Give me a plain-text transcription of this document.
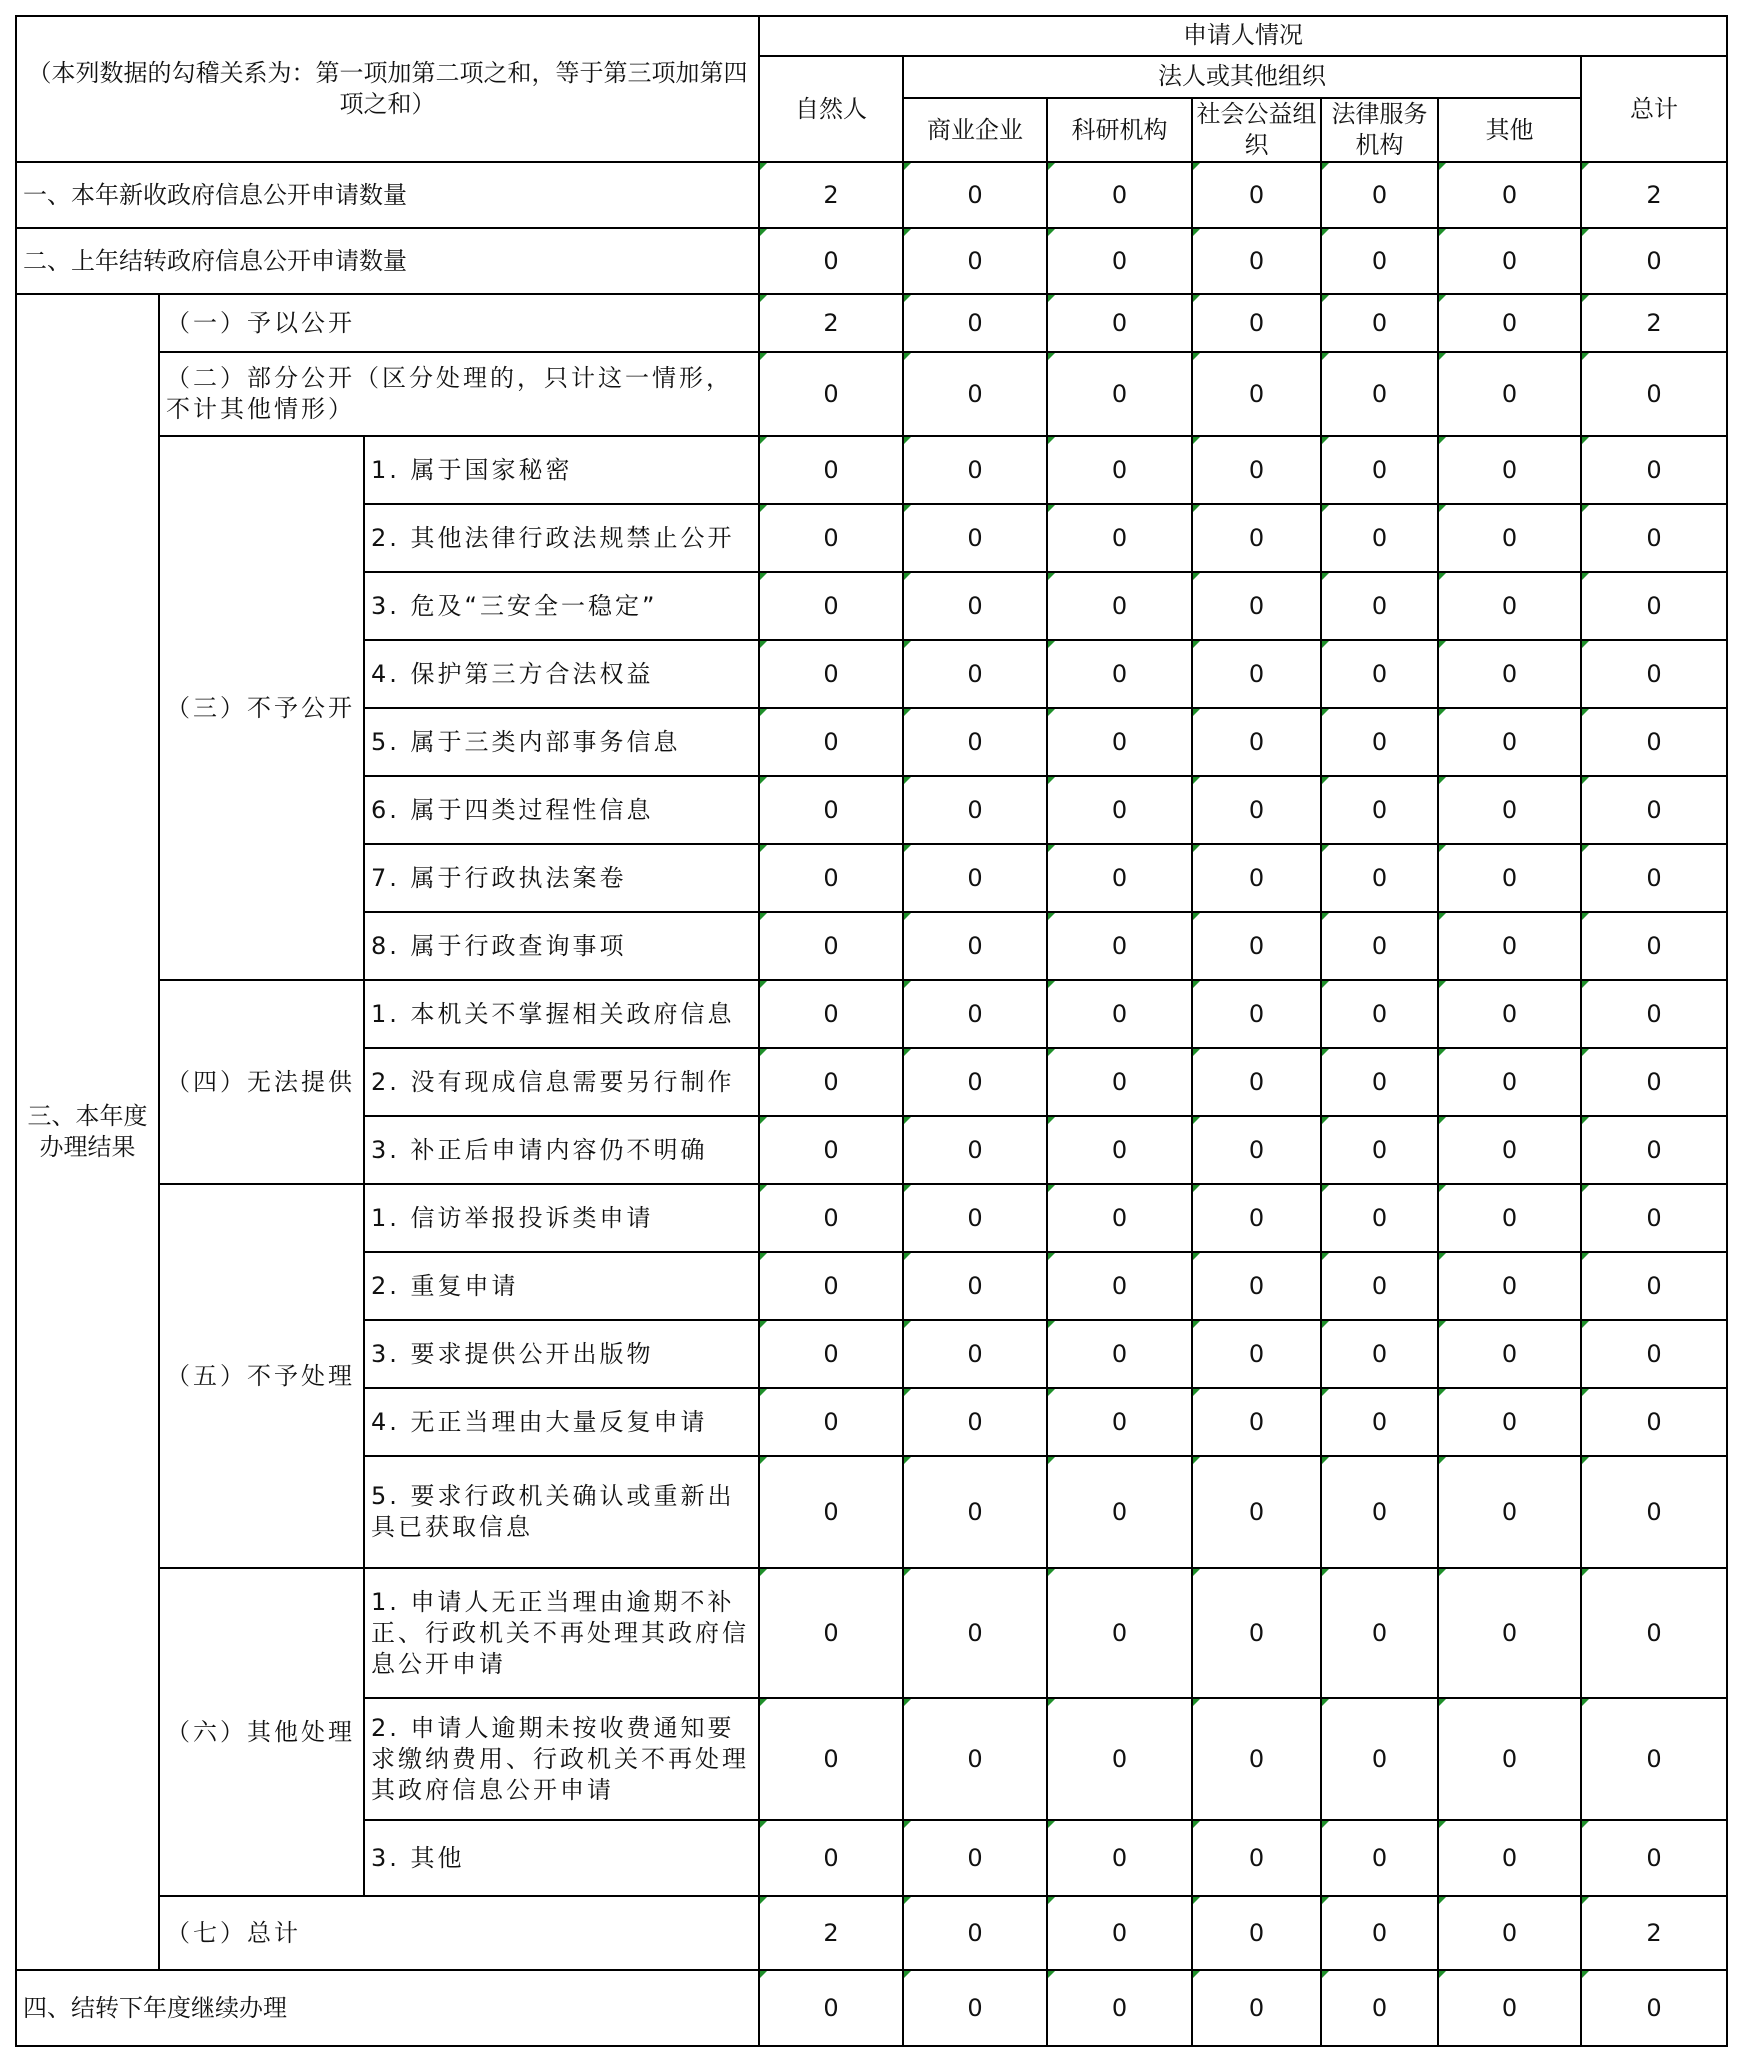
（本列数据的勾稽关系为：第一项加第二项之和，等于第三项加第四项之和）			申请人情况						
			自然人	法人或其他组织					总计
				商业企业	科研机构	社会公益组织	法律服务机构	其他	
一、本年新收政府信息公开申请数量			2	0	0	0	0	0	2
二、上年结转政府信息公开申请数量			0	0	0	0	0	0	0
三、本年度办理结果	（一）予以公开		2	0	0	0	0	0	2
	（二）部分公开（区分处理的，只计这一情形，不计其他情形）		0	0	0	0	0	0	0
	（三）不予公开	1. 属于国家秘密	0	0	0	0	0	0	0
		2. 其他法律行政法规禁止公开	0	0	0	0	0	0	0
		3. 危及“三安全一稳定”	0	0	0	0	0	0	0
		4. 保护第三方合法权益	0	0	0	0	0	0	0
		5. 属于三类内部事务信息	0	0	0	0	0	0	0
		6. 属于四类过程性信息	0	0	0	0	0	0	0
		7. 属于行政执法案卷	0	0	0	0	0	0	0
		8. 属于行政查询事项	0	0	0	0	0	0	0
	（四）无法提供	1. 本机关不掌握相关政府信息	0	0	0	0	0	0	0
		2. 没有现成信息需要另行制作	0	0	0	0	0	0	0
		3. 补正后申请内容仍不明确	0	0	0	0	0	0	0
	（五）不予处理	1. 信访举报投诉类申请	0	0	0	0	0	0	0
		2. 重复申请	0	0	0	0	0	0	0
		3. 要求提供公开出版物	0	0	0	0	0	0	0
		4. 无正当理由大量反复申请	0	0	0	0	0	0	0
		5. 要求行政机关确认或重新出具已获取信息	0	0	0	0	0	0	0
	（六）其他处理	1. 申请人无正当理由逾期不补正、行政机关不再处理其政府信息公开申请	0	0	0	0	0	0	0
		2. 申请人逾期未按收费通知要求缴纳费用、行政机关不再处理其政府信息公开申请	0	0	0	0	0	0	0
		3. 其他	0	0	0	0	0	0	0
	（七）总计		2	0	0	0	0	0	2
四、结转下年度继续办理			0	0	0	0	0	0	0
